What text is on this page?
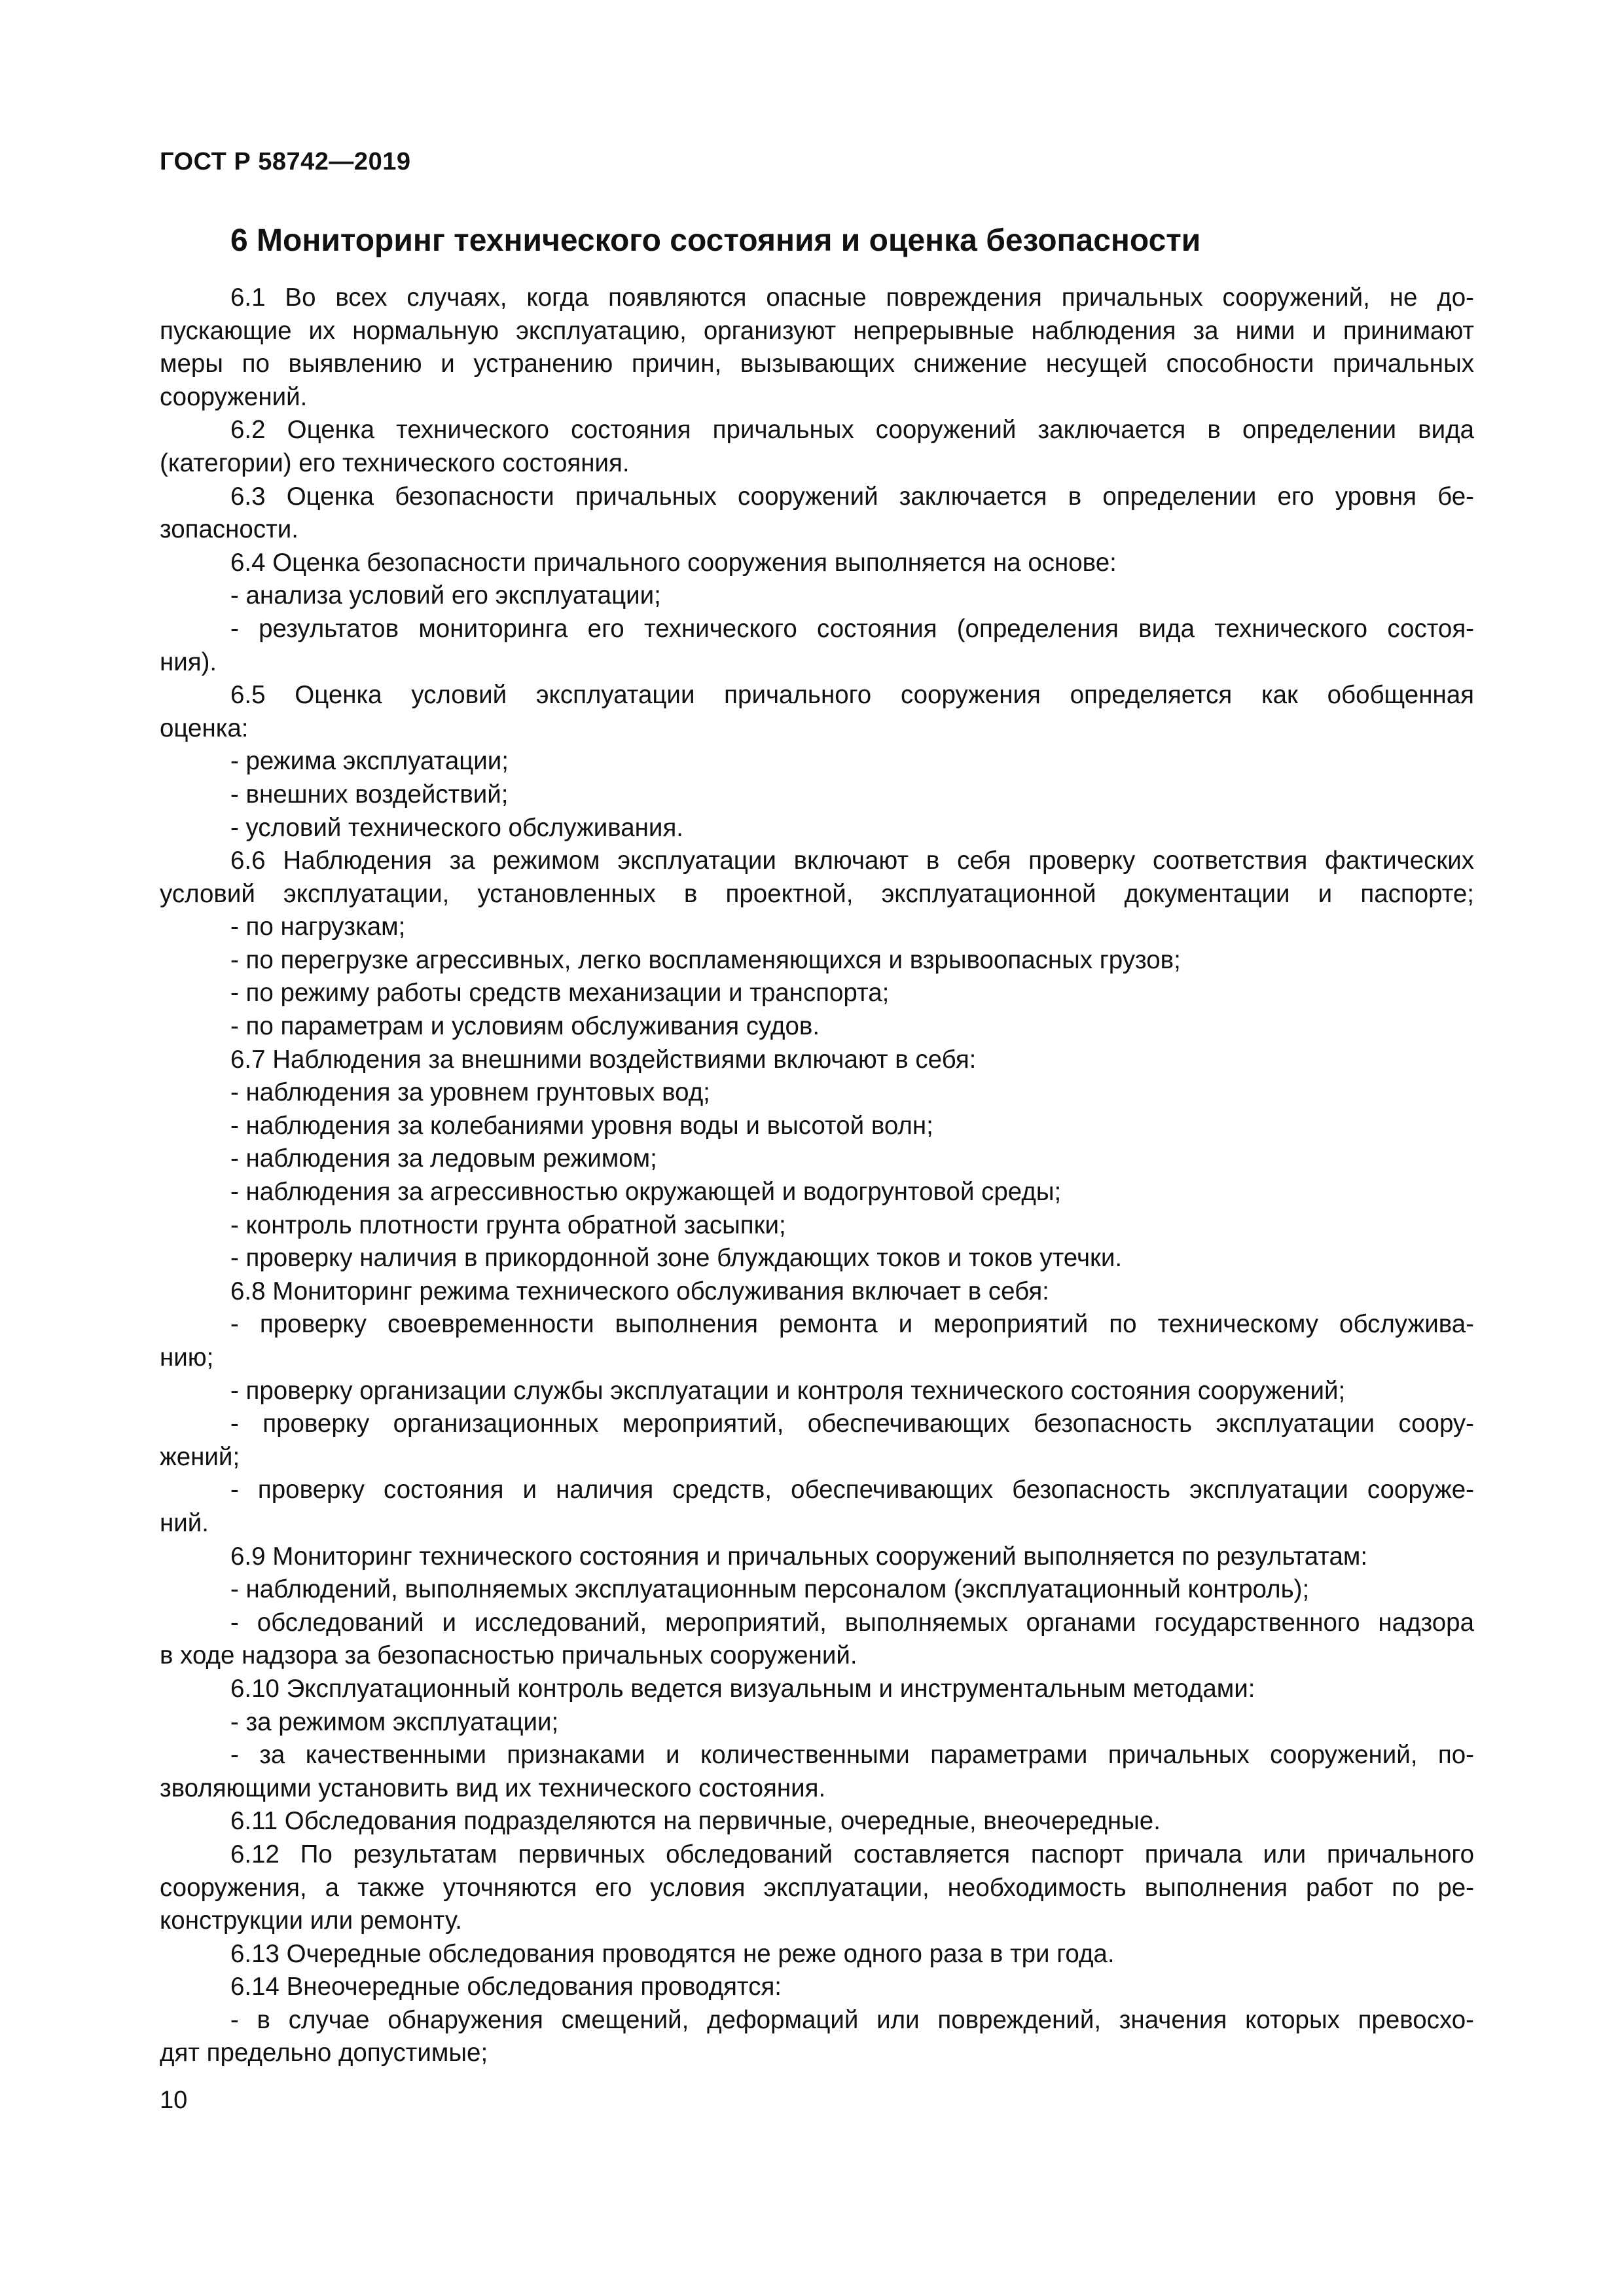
ГОСТ Р 58742—2019
6 Мониторинг технического состояния и оценка безопасности
6.1 Во всех случаях, когда появляются опасные повреждения причальных сооружений, не до-
пускающие их нормальную эксплуатацию, организуют непрерывные наблюдения за ними и принимают
меры по выявлению и устранению причин, вызывающих снижение несущей способности причальных
сооружений.
6.2 Оценка технического состояния причальных сооружений заключается в определении вида
(категории) его технического состояния.
6.3 Оценка безопасности причальных сооружений заключается в определении его уровня бе-
зопасности.
6.4 Оценка безопасности причального сооружения выполняется на основе:
- анализа условий его эксплуатации;
- результатов мониторинга его технического состояния (определения вида технического состоя-
ния).
6.5 Оценка условий эксплуатации причального сооружения определяется как обобщенная
оценка:
- режима эксплуатации;
- внешних воздействий;
- условий технического обслуживания.
6.6 Наблюдения за режимом эксплуатации включают в себя проверку соответствия фактических
условий эксплуатации, установленных в проектной, эксплуатационной документации и паспорте;
- по нагрузкам;
- по перегрузке агрессивных, легко воспламеняющихся и взрывоопасных грузов;
- по режиму работы средств механизации и транспорта;
- по параметрам и условиям обслуживания судов.
6.7 Наблюдения за внешними воздействиями включают в себя:
- наблюдения за уровнем грунтовых вод;
- наблюдения за колебаниями уровня воды и высотой волн;
- наблюдения за ледовым режимом;
- наблюдения за агрессивностью окружающей и водогрунтовой среды;
- контроль плотности грунта обратной засыпки;
- проверку наличия в прикордонной зоне блуждающих токов и токов утечки.
6.8 Мониторинг режима технического обслуживания включает в себя:
- проверку своевременности выполнения ремонта и мероприятий по техническому обслужива-
нию;
- проверку организации службы эксплуатации и контроля технического состояния сооружений;
- проверку организационных мероприятий, обеспечивающих безопасность эксплуатации соору-
жений;
- проверку состояния и наличия средств, обеспечивающих безопасность эксплуатации сооруже-
ний.
6.9 Мониторинг технического состояния и причальных сооружений выполняется по результатам:
- наблюдений, выполняемых эксплуатационным персоналом (эксплуатационный контроль);
- обследований и исследований, мероприятий, выполняемых органами государственного надзора
в ходе надзора за безопасностью причальных сооружений.
6.10 Эксплуатационный контроль ведется визуальным и инструментальным методами:
- за режимом эксплуатации;
- за качественными признаками и количественными параметрами причальных сооружений, по-
зволяющими установить вид их технического состояния.
6.11 Обследования подразделяются на первичные, очередные, внеочередные.
6.12 По результатам первичных обследований составляется паспорт причала или причального
сооружения, а также уточняются его условия эксплуатации, необходимость выполнения работ по ре-
конструкции или ремонту.
6.13 Очередные обследования проводятся не реже одного раза в три года.
6.14 Внеочередные обследования проводятся:
- в случае обнаружения смещений, деформаций или повреждений, значения которых превосхо-
дят предельно допустимые;
10
